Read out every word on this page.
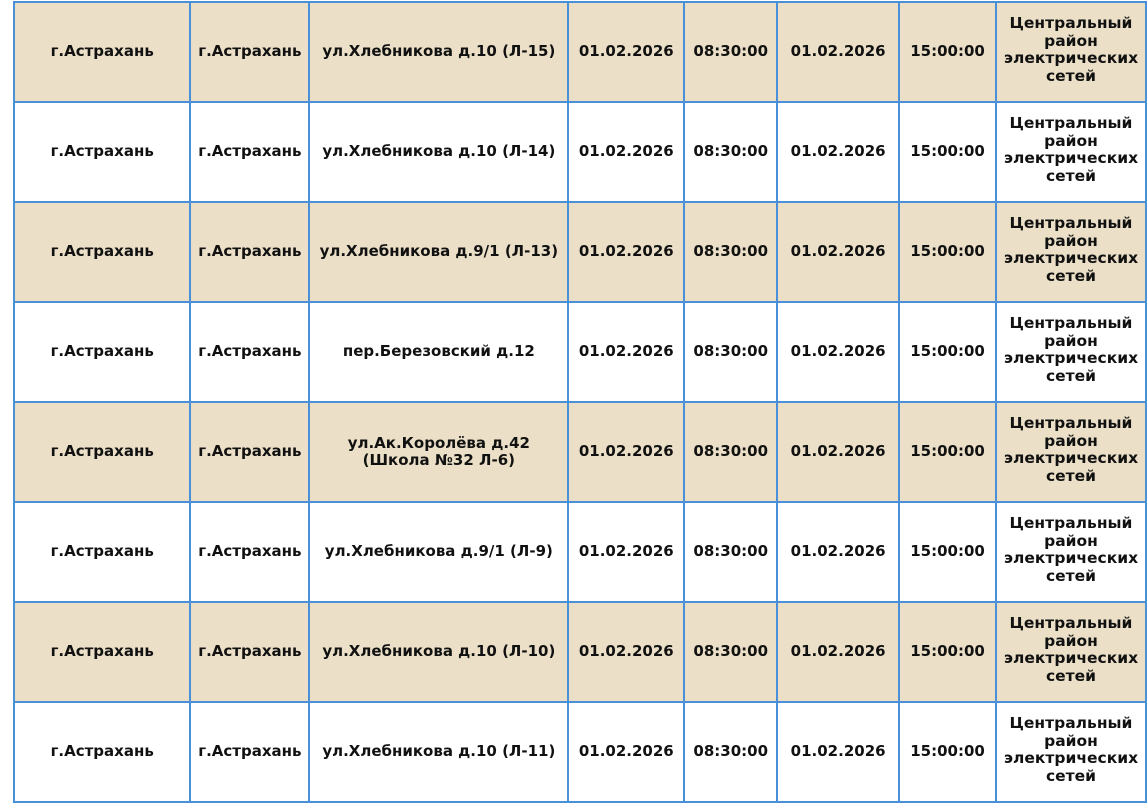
г.Астрахань	г.Астрахань	ул.Хлебникова д.10 (Л-15)	01.02.2026	08:30:00	01.02.2026	15:00:00	Центральный район электрических сетей
г.Астрахань	г.Астрахань	ул.Хлебникова д.10 (Л-14)	01.02.2026	08:30:00	01.02.2026	15:00:00	Центральный район электрических сетей
г.Астрахань	г.Астрахань	ул.Хлебникова д.9/1 (Л-13)	01.02.2026	08:30:00	01.02.2026	15:00:00	Центральный район электрических сетей
г.Астрахань	г.Астрахань	пер.Березовский д.12	01.02.2026	08:30:00	01.02.2026	15:00:00	Центральный район электрических сетей
г.Астрахань	г.Астрахань	ул.Ак.Королёва д.42 (Школа №32 Л-6)	01.02.2026	08:30:00	01.02.2026	15:00:00	Центральный район электрических сетей
г.Астрахань	г.Астрахань	ул.Хлебникова д.9/1 (Л-9)	01.02.2026	08:30:00	01.02.2026	15:00:00	Центральный район электрических сетей
г.Астрахань	г.Астрахань	ул.Хлебникова д.10 (Л-10)	01.02.2026	08:30:00	01.02.2026	15:00:00	Центральный район электрических сетей
г.Астрахань	г.Астрахань	ул.Хлебникова д.10 (Л-11)	01.02.2026	08:30:00	01.02.2026	15:00:00	Центральный район электрических сетей
